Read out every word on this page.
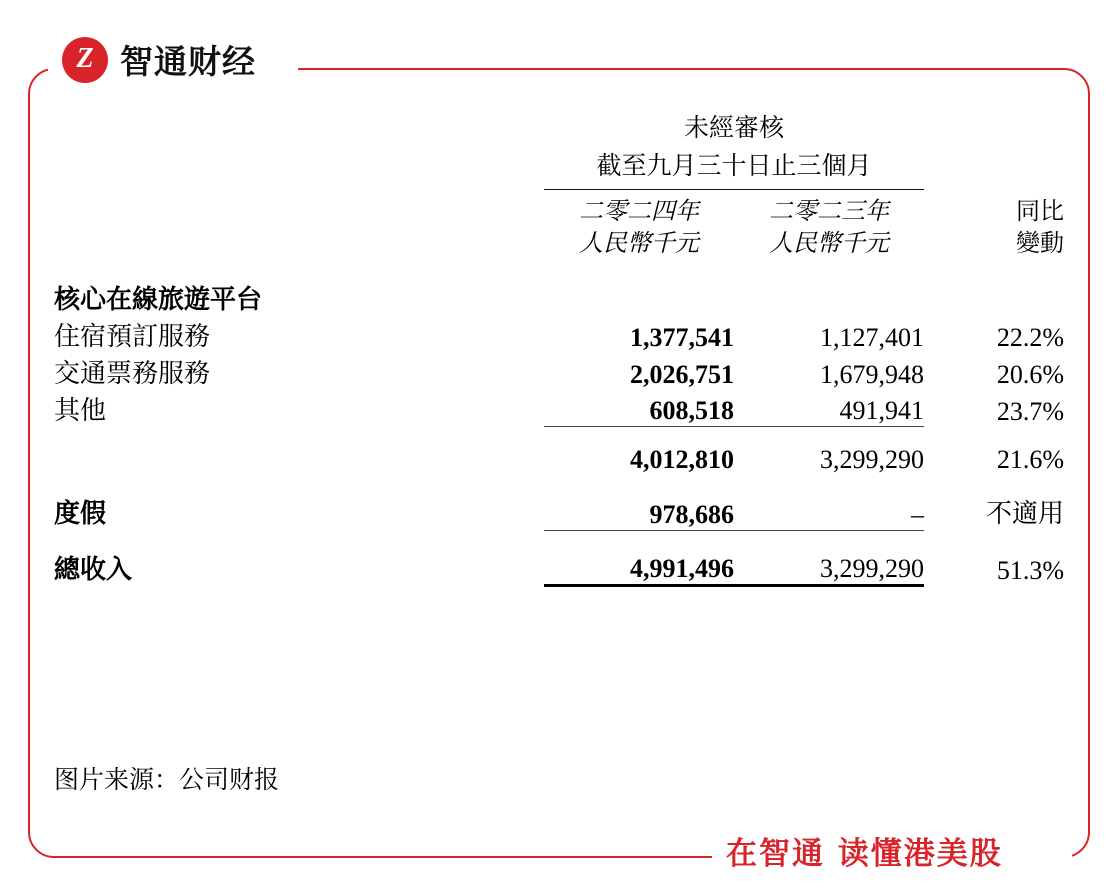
Z 智通财经
	未經審核		
	截至九月三十日止三個月		

	二零二四年	二零二三年	同比
	人民幣千元	人民幣千元	變動

核心在線旅遊平台			
住宿預訂服務	1,377,541	1,127,401	22.2%
交通票務服務	2,026,751	1,679,948	20.6%
其他	608,518	491,941	23.7%

	4,012,810	3,299,290	21.6%

度假	978,686	–	不適用

總收入	4,991,496	3,299,290	51.3%
图片来源：公司财报
在智通 读懂港美股
